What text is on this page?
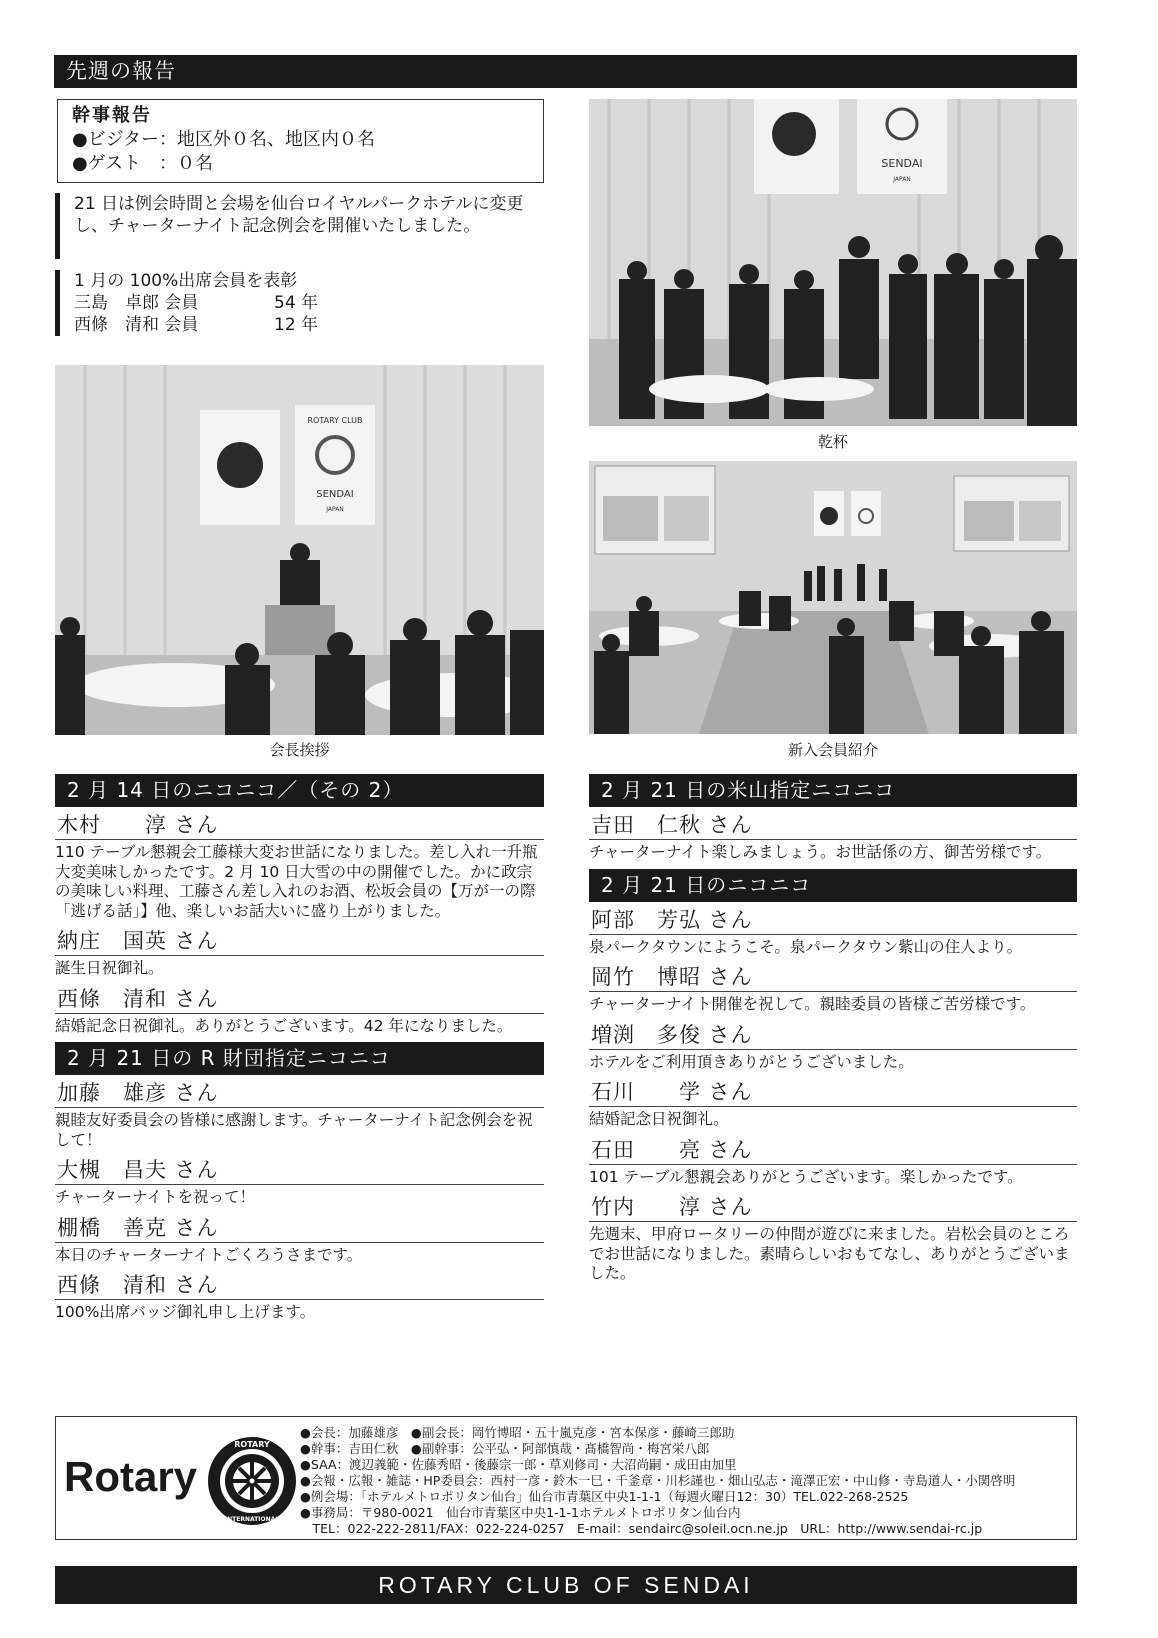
先週の報告
幹事報告
●ビジター：地区外０名、地区内０名
●ゲスト　：０名
21 日は例会時間と会場を仙台ロイヤルパークホテルに変更し、チャーターナイト記念例会を開催いたしました。
1 月の 100%出席会員を表彰
三島　卓郎 会員	54 年
西條　清和 会員	12 年
SENDAI
JAPAN
乾杯
ROTARY CLUB
SENDAI
JAPAN
会長挨拶	新入会員紹介
2 月 14 日のニコニコ／（その 2）
木村　　淳 さん
110 テーブル懇親会工藤様大変お世話になりました。差し入れ一升瓶大変美味しかったです。2 月 10 日大雪の中の開催でした。かに政宗の美味しい料理、工藤さん差し入れのお酒、松坂会員の【万が一の際「逃げる話」】他、楽しいお話大いに盛り上がりました。
納庄　国英 さん
誕生日祝御礼。
西條　清和 さん
結婚記念日祝御礼。ありがとうございます。42 年になりました。
2 月 21 日の R 財団指定ニコニコ
加藤　雄彦 さん
親睦友好委員会の皆様に感謝します。チャーターナイト記念例会を祝して！
大槻　昌夫 さん
チャーターナイトを祝って！
棚橋　善克 さん
本日のチャーターナイトごくろうさまです。
西條　清和 さん
100%出席バッジ御礼申し上げます。
2 月 21 日の米山指定ニコニコ
吉田　仁秋 さん
チャーターナイト楽しみましょう。お世話係の方、御苦労様です。
2 月 21 日のニコニコ
阿部　芳弘 さん
泉パークタウンにようこそ。泉パークタウン紫山の住人より。
岡竹　博昭 さん
チャーターナイト開催を祝して。親睦委員の皆様ご苦労様です。
増渕　多俊 さん
ホテルをご利用頂きありがとうございました。
石川　　学 さん
結婚記念日祝御礼。
石田　　亮 さん
101 テーブル懇親会ありがとうございます。楽しかったです。
竹内　　淳 さん
先週末、甲府ロータリーの仲間が遊びに来ました。岩松会員のところでお世話になりました。素晴らしいおもてなし、ありがとうございました。
Rotary
ROTARY
INTERNATIONAL
●会長：加藤雄彦　●副会長：岡竹博昭・五十嵐克彦・宮本保彦・藤崎三郎助
●幹事：吉田仁秋　●副幹事：公平弘・阿部慎哉・髙橋智尚・梅宮栄八郎
●SAA：渡辺義範・佐藤秀昭・後藤宗一郎・草刈修司・大沼尚嗣・成田由加里
●会報・広報・雑誌・HP委員会：西村一彦・鈴木一巳・千釜章・川杉謹也・畑山弘志・滝澤正宏・中山修・寺島道人・小関啓明
●例会場：「ホテルメトロポリタン仙台」仙台市青葉区中央1-1-1（毎週火曜日12：30）TEL.022-268-2525
●事務局：〒980-0021　仙台市青葉区中央1-1-1ホテルメトロポリタン仙台内
　TEL：022-222-2811/FAX：022-224-0257　E-mail：sendairc@soleil.ocn.ne.jp　URL：http://www.sendai-rc.jp
ROTARY CLUB OF SENDAI
